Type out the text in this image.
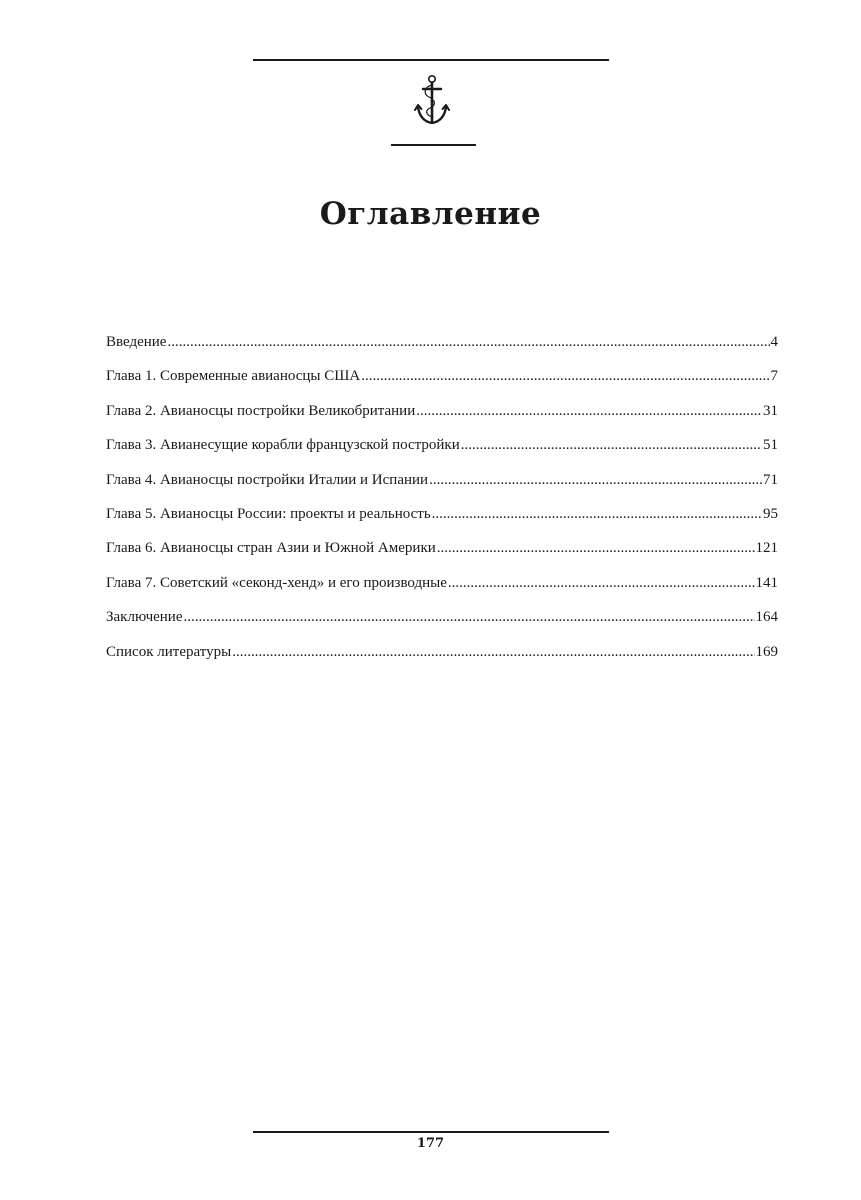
Оглавление
Введение .....	4
Глава 1. Современные авианосцы США .....	7
Глава 2. Авианосцы постройки Великобритании .....	31
Глава 3. Авианесущие корабли французской постройки .....	51
Глава 4. Авианосцы постройки Италии и Испании .....	71
Глава 5. Авианосцы России: проекты и реальность .....	95
Глава 6. Авианосцы стран Азии и Южной Америки .....	121
Глава 7. Советский «секонд-хенд» и его производные .....	141
Заключение .....	164
Список литературы .....	169
177
